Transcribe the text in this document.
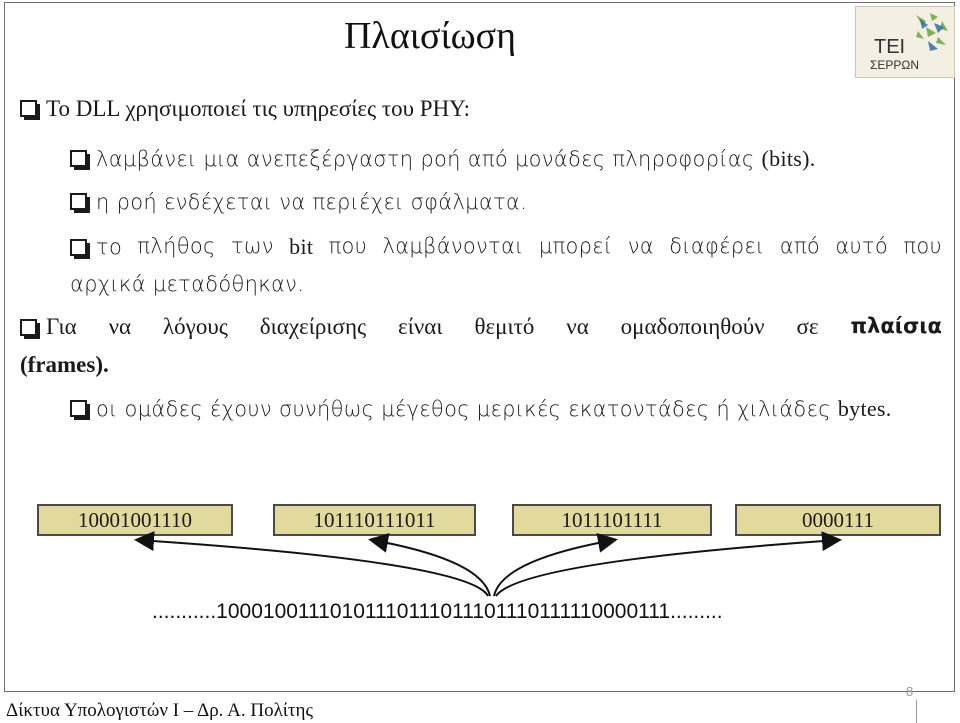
Πλαισίωση	ΤΕΙ
ΣΕΡΡΩΝ
Το DLL χρησιμοποιεί τις υπηρεσίες του PHY:
λαμβάνει μια ανεπεξέργαστη ροή από μονάδες πληροφορίας (bits).
η ροή ενδέχεται να περιέχει σφάλματα.
το πλήθος των bit που λαμβάνονται μπορεί να διαφέρει από αυτό που
αρχικά μεταδόθηκαν.
Για να λόγους διαχείρισης είναι θεμιτό να ομαδοποιηθούν σε πλαίσια
(frames).
οι ομάδες έχουν συνήθως μέγεθος μερικές εκατοντάδες ή χιλιάδες bytes.
10001001110	101110111011	1011101111	0000111
...........10001001110101110111011101110111110000111.........
Δίκτυα Υπολογιστών Ι – Δρ. Α. Πολίτης
8
